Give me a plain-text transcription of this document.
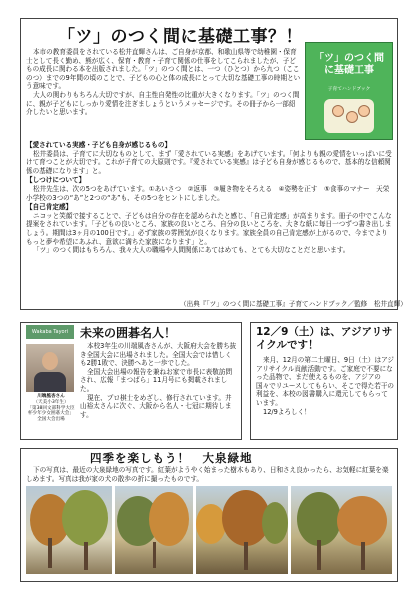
「ツ」のつく間に基礎工事？！

本市の教育委員をされている松井直輝さんは、ご自身が京都、和歌山県等で幼稚園・保育士として長く勤め、熊が広く、保育・教育・子育て関係の仕事をしてこられましたが、子どもの成長に関わる本を出版されました。「ツ」のつく間とは、一つ（ひとつ）から九つ（ここのつ）までの9年間の頃のことで、子どもの心と体の成長にとって大切な基礎工事の時期という意味です。

大人の関わりもちろん大切ですが、自主性自発性の比重が大きくなります。「ツ」のつく間に、親が子どもにしっかり愛情を注ぎましょうというメッセージです。その冊子から一部紹介したいと思います。

「ツ」のつく間に基礎工事
子育てハンドブック
【愛されている実感・子ども自身が感じるもの】
松井委員は、子育てに大切なものとして、まず「愛されている実感」をあげています。「何よりも親の愛情をいっぱいに受けて育つことが大切です。これが子育ての大原則です。『愛されている実感』は子ども自身が感じるもので、基本的な信頼関係の基礎になります」と。
【しつけについて】
松井先生は、次の5つをあげています。①あいさつ　②返事　③履き物をそろえる　④姿勢を正す　⑤食事のマナー　天栄小学校の3つの“あ”と2つの“あ”も、その5つをヒントにしました。
【自己肯定感】
ニコッと笑顔で接することで、子どもは自分の存在を認められたと感じ、「自己肯定感」が高まります。冊子の中でこんな提案をされています。「子どもの良いところ、家族の良いところ、自分の良いところを、大きな紙に毎日一つずつ書き出しましょう。期間は3ヶ月の100日です。」必ず家族の雰囲気が良くなります。家族全員の自己肯定感が上がるので、今までよりもっと夢や希望にあふれ、意欲に満ちた家族になります」と。
「ツ」のつく間はもちろん、我々大人の職場や人間関係にあてはめても、とても大切なことだと思います。
（出典『「ツ」のつく間に基礎工事』子育てハンドブック／監修　松井直輝）
Wakaba Tayori 未来の囲碁名人！
川端風杏さん
（天美小3年生）
「第38回文部科学大臣杯少年少女囲碁大会」
全国大会出場

本校3年生の川端風杏さんが、大阪府大会を勝ち抜き全国大会に出場されました。全国大会では惜しくも2勝1敗で、決勝へあと一歩でした。

全国大会出場の報告を兼ねお家で市長に表敬訪問され、広報「まつばら」11月号にも掲載されました。

現在、プロ棋士をめざし、修行されています。井山裕太さんに次ぐ、大阪から名人・七冠に期待します。

12／9（土）は、アジアリサイクルです！

来月、12月の第二土曜日、9日（土）はアジアリサイクル貢献活動です。ご家庭で不要になった品物で、まだ使えるものを、アジアの国々でリユースしてもらい、そこで得た若干の利益を、本校の図書購入に還元してもらっています。

12/9よろしく！

四季を楽しもう！　大泉緑地

下の写真は、最近の大泉緑地の写真です。紅葉がようやく始まった樹木もあり、日和さえ良かったら、お気軽に紅葉を楽しめます。写真は我が家の犬の散歩の折に撮ったものです。
